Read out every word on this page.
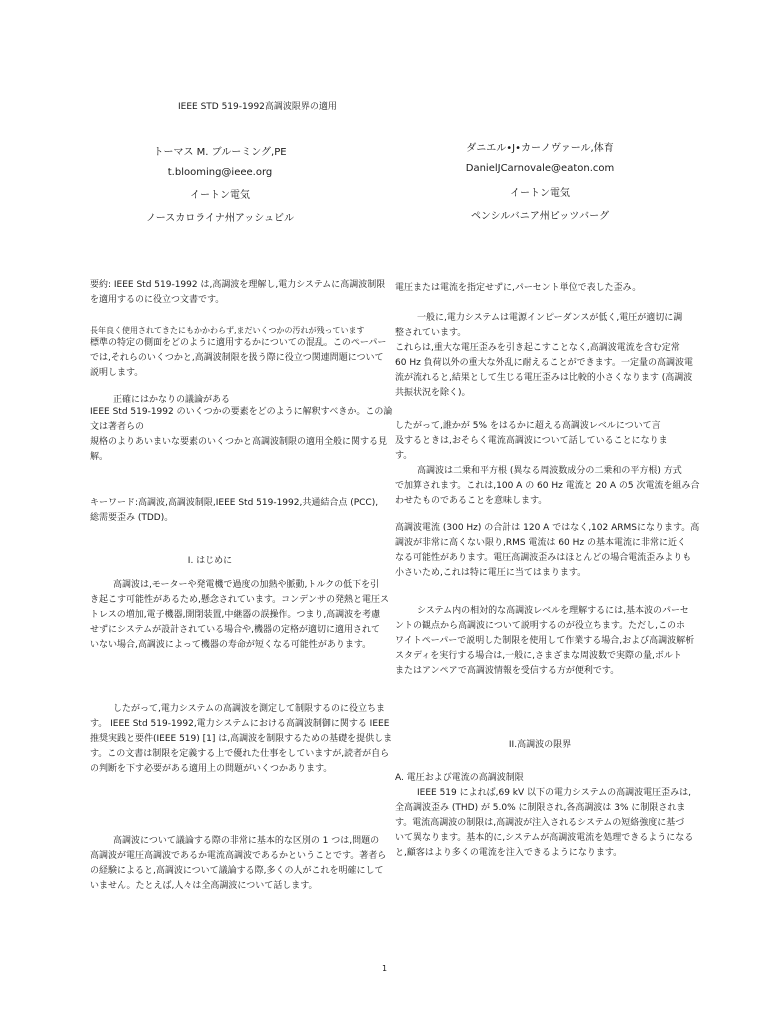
IEEE STD 519-1992高調波限界の適用
トーマス M. ブルーミング,PE
t.blooming@ieee.org
イートン電気
ノースカロライナ州アッシュビル
ダニエル•J•カーノヴァール,体育
DanielJCarnovale@eaton.com
イートン電気
ペンシルバニア州ピッツバーグ
要約: IEEE Std 519-1992 は,高調波を理解し,電力システムに高調波制限
を適用するのに役立つ文書です。
長年良く使用されてきたにもかかわらず,まだいくつかの汚れが残っています
標準の特定の側面をどのように適用するかについての混乱。このペーパー
では,それらのいくつかと,高調波制限を扱う際に役立つ関連問題について
説明します。
正確にはかなりの議論がある
IEEE Std 519-1992 のいくつかの要素をどのように解釈すべきか。この論
文は著者らの
規格のよりあいまいな要素のいくつかと高調波制限の適用全般に関する見
解。
キーワード:高調波,高調波制限,IEEE Std 519-1992,共通結合点 (PCC),
総需要歪み (TDD)。
I. はじめに
高調波は,モーターや発電機で過度の加熱や脈動,トルクの低下を引
き起こす可能性があるため,懸念されています。コンデンサの発熱と電圧ス
トレスの増加,電子機器,開閉装置,中継器の誤操作。つまり,高調波を考慮
せずにシステムが設計されている場合や,機器の定格が適切に適用されて
いない場合,高調波によって機器の寿命が短くなる可能性があります。
したがって,電力システムの高調波を測定して制限するのに役立ちま
す。 IEEE Std 519-1992,電力システムにおける高調波制御に関する IEEE
推奨実践と要件(IEEE 519) [1] は,高調波を制限するための基礎を提供しま
す。この文書は制限を定義する上で優れた仕事をしていますが,読者が自ら
の判断を下す必要がある適用上の問題がいくつかあります。
高調波について議論する際の非常に基本的な区別の 1 つは,問題の
高調波が電圧高調波であるか電流高調波であるかということです。著者ら
の経験によると,高調波について議論する際,多くの人がこれを明確にして
いません。たとえば,人々は全高調波について話します。
電圧または電流を指定せずに,パーセント単位で表した歪み。
一般に,電力システムは電源インピーダンスが低く,電圧が適切に調
整されています。
これらは,重大な電圧歪みを引き起こすことなく,高調波電流を含む定常
60 Hz 負荷以外の重大な外乱に耐えることができます。一定量の高調波電
流が流れると,結果として生じる電圧歪みは比較的小さくなります (高調波
共振状況を除く)。
したがって,誰かが 5% をはるかに超える高調波レベルについて言
及するときは,おそらく電流高調波について話していることになりま
す。
高調波は二乗和平方根 (異なる周波数成分の二乗和の平方根) 方式
で加算されます。これは,100 A の 60 Hz 電流と 20 A の5 次電流を組み合
わせたものであることを意味します。
高調波電流 (300 Hz) の合計は 120 A ではなく,102 ARMSになります。高
調波が非常に高くない限り,RMS 電流は 60 Hz の基本電流に非常に近く
なる可能性があります。電圧高調波歪みはほとんどの場合電流歪みよりも
小さいため,これは特に電圧に当てはまります。
システム内の相対的な高調波レベルを理解するには,基本波のパーセ
ントの観点から高調波について説明するのが役立ちます。ただし,このホ
ワイトペーパーで説明した制限を使用して作業する場合,および高調波解析
スタディを実行する場合は,一般に,さまざまな周波数で実際の量,ボルト
またはアンペアで高調波情報を受信する方が便利です。
II.高調波の限界
A. 電圧および電流の高調波制限
IEEE 519 によれば,69 kV 以下の電力システムの高調波電圧歪みは,
全高調波歪み (THD) が 5.0% に制限され,各高調波は 3% に制限されま
す。電流高調波の制限は,高調波が注入されるシステムの短絡強度に基づ
いて異なります。基本的に,システムが高調波電流を処理できるようになる
と,顧客はより多くの電流を注入できるようになります。
1
